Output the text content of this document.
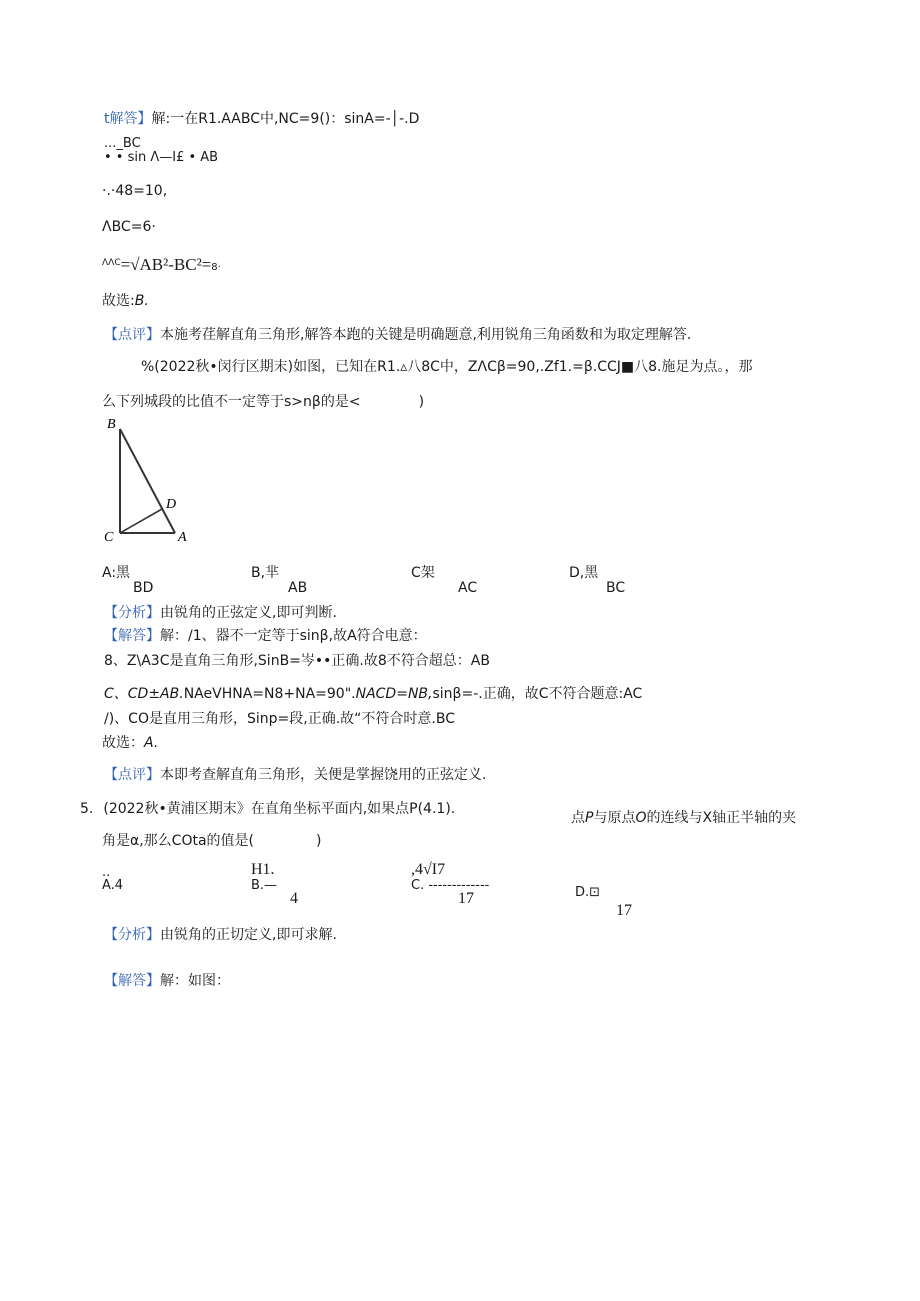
t解答】解:一在R1.AABC中,NC=9()：sinA=-│-.D
..._BC
• • sin Λ—I£ • AB
·.·48=10,
ΛBC=6·
$^{\Lambda\Lambda C}$=√AB²-BC²=8·
故选:B.
【点评】本施考荏解直角三角形,解答本跑的关键是明确题意,利用锐角三角函数和为取定理解答.
%(2022秋•闵行区期末)如图，已知在R1.▵八8C中，ZΛCβ=90,.Zf1.=β.CCJ■八8.施足为点。，那
么下列城段的比值不一定等于s>nβ的是<	)
B
C	A
D
A:黑
BD
B,芈
AB
C架
AC
D,黑
BC
【分析】由锐角的正弦定义,即可判断.
【解答】解：/1、器不一定等于sinβ,故A符合电意：
8、Z\A3C是直角三角形,SinB=岑••正确.故8不符合超总：AB
C、CD±AB.NAeVHNA=N8+NA=90".NACD=NB,sinβ=-.正确，故C不符合题意:AC
/)、CO是直用三角形，Sinp=段,正确.故“不符合时意.BC
故选：A.
【点评】本即考查解直角三角形，关便是掌握饶用的正弦定义.
5. (2022秋•黄浦区期末》在直角坐标平面内,如果点P(4.1).
点P与原点O的连线与X轴正半轴的夹
角是α,那么COta的值是(	)
..
A.4
H1.
B.—
4
,4√I7
C. -------------
17	D.⊡
17
【分析】由锐角的正切定义,即可求解.
【解答】解：如图：
